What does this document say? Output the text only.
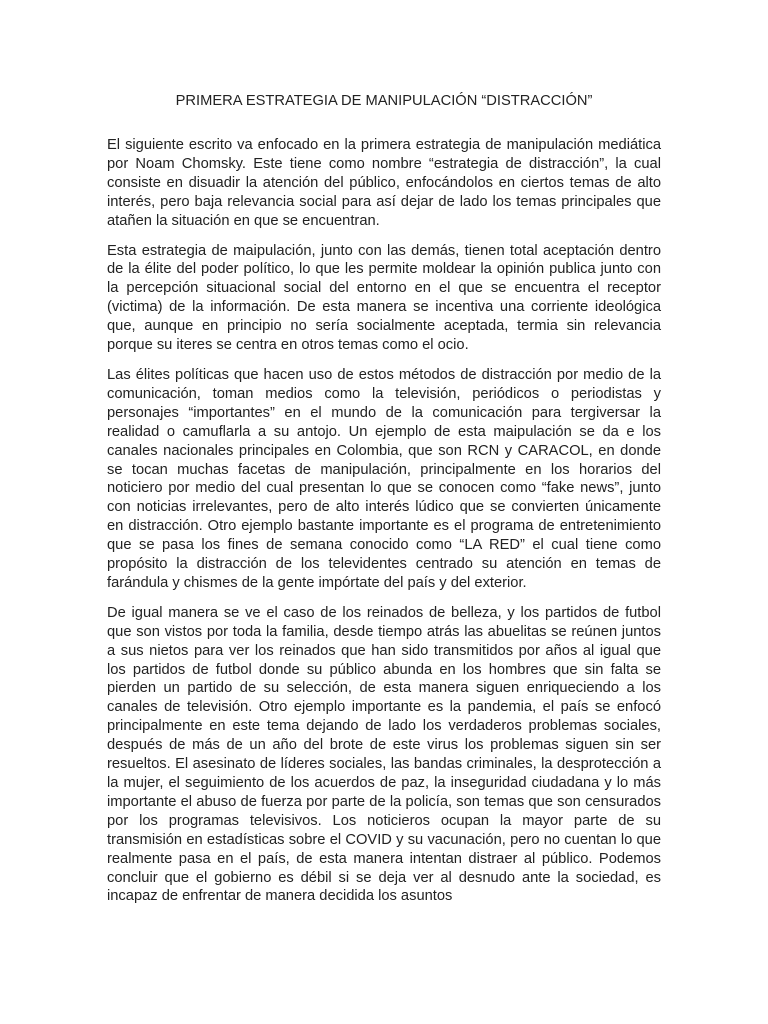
PRIMERA ESTRATEGIA DE MANIPULACIÓN “DISTRACCIÓN”

El siguiente escrito va enfocado en la primera estrategia de manipulación mediática por Noam Chomsky. Este tiene como nombre “estrategia de distracción”, la cual consiste en disuadir la atención del público, enfocándolos en ciertos temas de alto interés, pero baja relevancia social para así dejar de lado los temas principales que atañen la situación en que se encuentran.

Esta estrategia de maipulación, junto con las demás, tienen total aceptación dentro de la élite del poder político, lo que les permite moldear la opinión publica junto con la percepción situacional social del entorno en el que se encuentra el receptor (victima) de la información. De esta manera se incentiva una corriente ideológica que, aunque en principio no sería socialmente aceptada, termia sin relevancia porque su iteres se centra en otros temas como el ocio.

Las élites políticas que hacen uso de estos métodos de distracción por medio de la comunicación, toman medios como la televisión, periódicos o periodistas y personajes “importantes” en el mundo de la comunicación para tergiversar la realidad o camuflarla a su antojo. Un ejemplo de esta maipulación se da e los canales nacionales principales en Colombia, que son RCN y CARACOL, en donde se tocan muchas facetas de manipulación, principalmente en los horarios del noticiero por medio del cual presentan lo que se conocen como “fake news”, junto con noticias irrelevantes, pero de alto interés lúdico que se convierten únicamente en distracción. Otro ejemplo bastante importante es el programa de entretenimiento que se pasa los fines de semana conocido como “LA RED” el cual tiene como propósito la distracción de los televidentes centrado su atención en temas de farándula y chismes de la gente impórtate del país y del exterior.

De igual manera se ve el caso de los reinados de belleza, y los partidos de futbol que son vistos por toda la familia, desde tiempo atrás las abuelitas se reúnen juntos a sus nietos para ver los reinados que han sido transmitidos por años al igual que los partidos de futbol donde su público abunda en los hombres que sin falta se pierden un partido de su selección, de esta manera siguen enriqueciendo a los canales de televisión. Otro ejemplo importante es la pandemia, el país se enfocó principalmente en este tema dejando de lado los verdaderos problemas sociales, después de más de un año del brote de este virus los problemas siguen sin ser resueltos. El asesinato de líderes sociales, las bandas criminales, la desprotección a la mujer, el seguimiento de los acuerdos de paz, la inseguridad ciudadana y lo más importante el abuso de fuerza por parte de la policía, son temas que son censurados por los programas televisivos. Los noticieros ocupan la mayor parte de su transmisión en estadísticas sobre el COVID y su vacunación, pero no cuentan lo que realmente pasa en el país, de esta manera intentan distraer al público. Podemos concluir que el gobierno es débil si se deja ver al desnudo ante la sociedad, es incapaz de enfrentar de manera decidida los asuntos
